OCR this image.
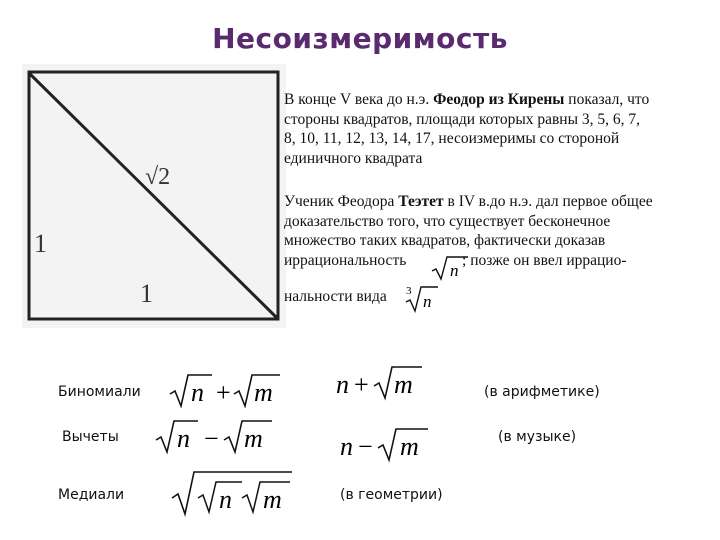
Несоизмеримость
√2
1
1
В конце V века до н.э. Феодор из Кирены показал, что
стороны квадратов, площади которых равны 3, 5, 6, 7,
8, 10, 11, 12, 13, 14, 17, несоизмеримы со стороной
единичного квадрата
Ученик Феодора Теэтет в IV в.до н.э. дал первое общее
доказательство того, что существует бесконечное
множество таких квадратов, фактически доказав
иррациональность	; позже он ввел иррацио-
n
нальности вида 3
n
Биномиали
Вычеты
Медиали
n + m n + m
n − m	n − m
n m
(в арифметике)
(в музыке)
(в геометрии)
